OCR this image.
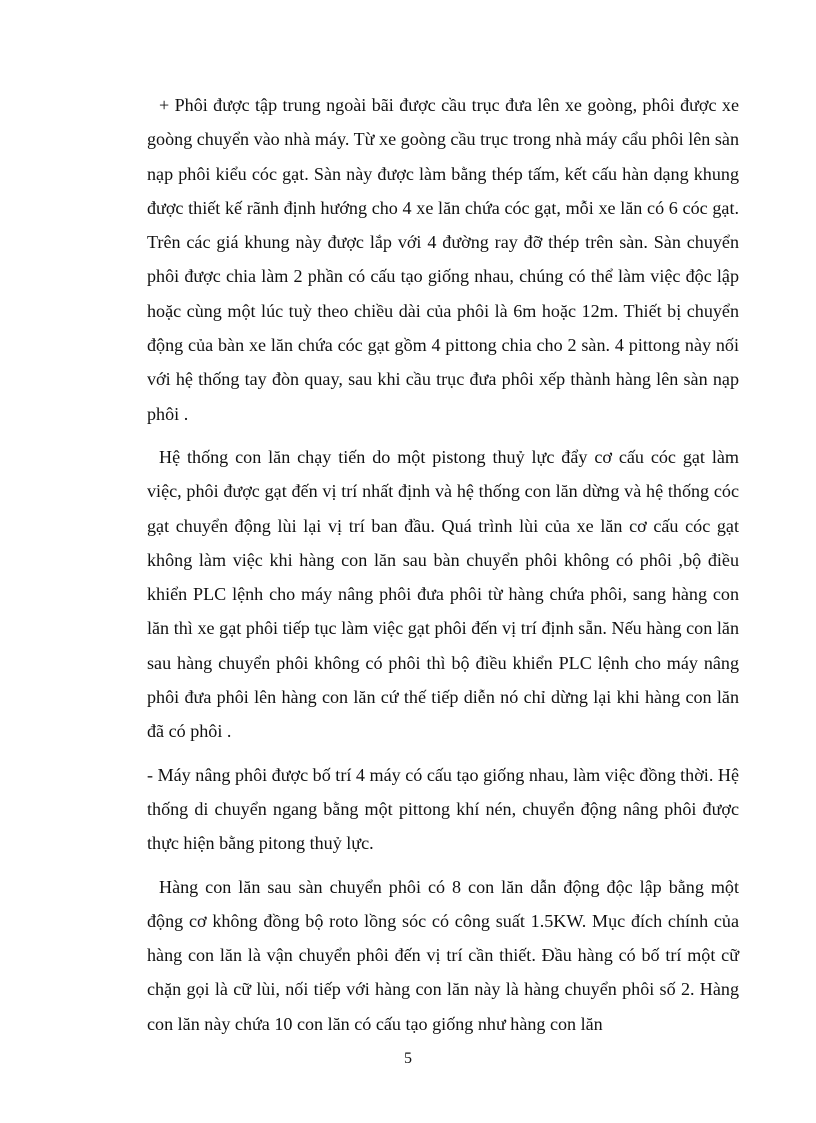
+ Phôi được tập trung ngoài bãi được cầu trục đưa lên xe goòng, phôi được xe goòng chuyển vào nhà máy. Từ xe goòng cầu trục trong nhà máy cẩu phôi lên sàn nạp phôi kiểu cóc gạt. Sàn này được làm bằng thép tấm, kết cấu hàn dạng khung được thiết kế rãnh định hướng cho 4 xe lăn chứa cóc gạt, mỗi xe lăn có 6 cóc gạt. Trên các giá khung này được lắp với 4 đường ray đỡ thép trên sàn. Sàn chuyển phôi được chia làm 2 phần có cấu tạo giống nhau, chúng có thể làm việc độc lập hoặc cùng một lúc tuỳ theo chiều dài của phôi là 6m hoặc 12m. Thiết bị chuyển động của bàn xe lăn chứa cóc gạt gồm 4 pittong chia cho 2 sàn. 4 pittong này nối với hệ thống tay đòn quay, sau khi cầu trục đưa phôi xếp thành hàng lên sàn nạp phôi .

Hệ thống con lăn chạy tiến do một pistong thuỷ lực đẩy cơ cấu cóc gạt làm việc, phôi được gạt đến vị trí nhất định và hệ thống con lăn dừng và hệ thống cóc gạt chuyển động lùi lại vị trí ban đầu. Quá trình lùi của xe lăn cơ cấu cóc gạt không làm việc khi hàng con lăn sau bàn chuyển phôi không có phôi ,bộ điều khiển PLC lệnh cho máy nâng phôi đưa phôi từ hàng chứa phôi, sang hàng con lăn thì xe gạt phôi tiếp tục làm việc gạt phôi đến vị trí định sẵn. Nếu hàng con lăn sau hàng chuyển phôi không có phôi thì bộ điều khiển PLC lệnh cho máy nâng phôi đưa phôi lên hàng con lăn cứ thế tiếp diễn nó chỉ dừng lại khi hàng con lăn đã có phôi .

- Máy nâng phôi được bố trí 4 máy có cấu tạo giống nhau, làm việc đồng thời. Hệ thống di chuyển ngang bằng một pittong khí nén, chuyển động nâng phôi được thực hiện bằng pitong thuỷ lực.

Hàng con lăn sau sàn chuyển phôi có 8 con lăn dẫn động độc lập bằng một động cơ không đồng bộ roto lồng sóc có công suất 1.5KW. Mục đích chính của hàng con lăn là vận chuyển phôi đến vị trí cần thiết. Đầu hàng có bố trí một cữ chặn gọi là cữ lùi, nối tiếp với hàng con lăn này là hàng chuyển phôi số 2. Hàng con lăn này chứa 10 con lăn có cấu tạo giống như hàng con lăn

5
